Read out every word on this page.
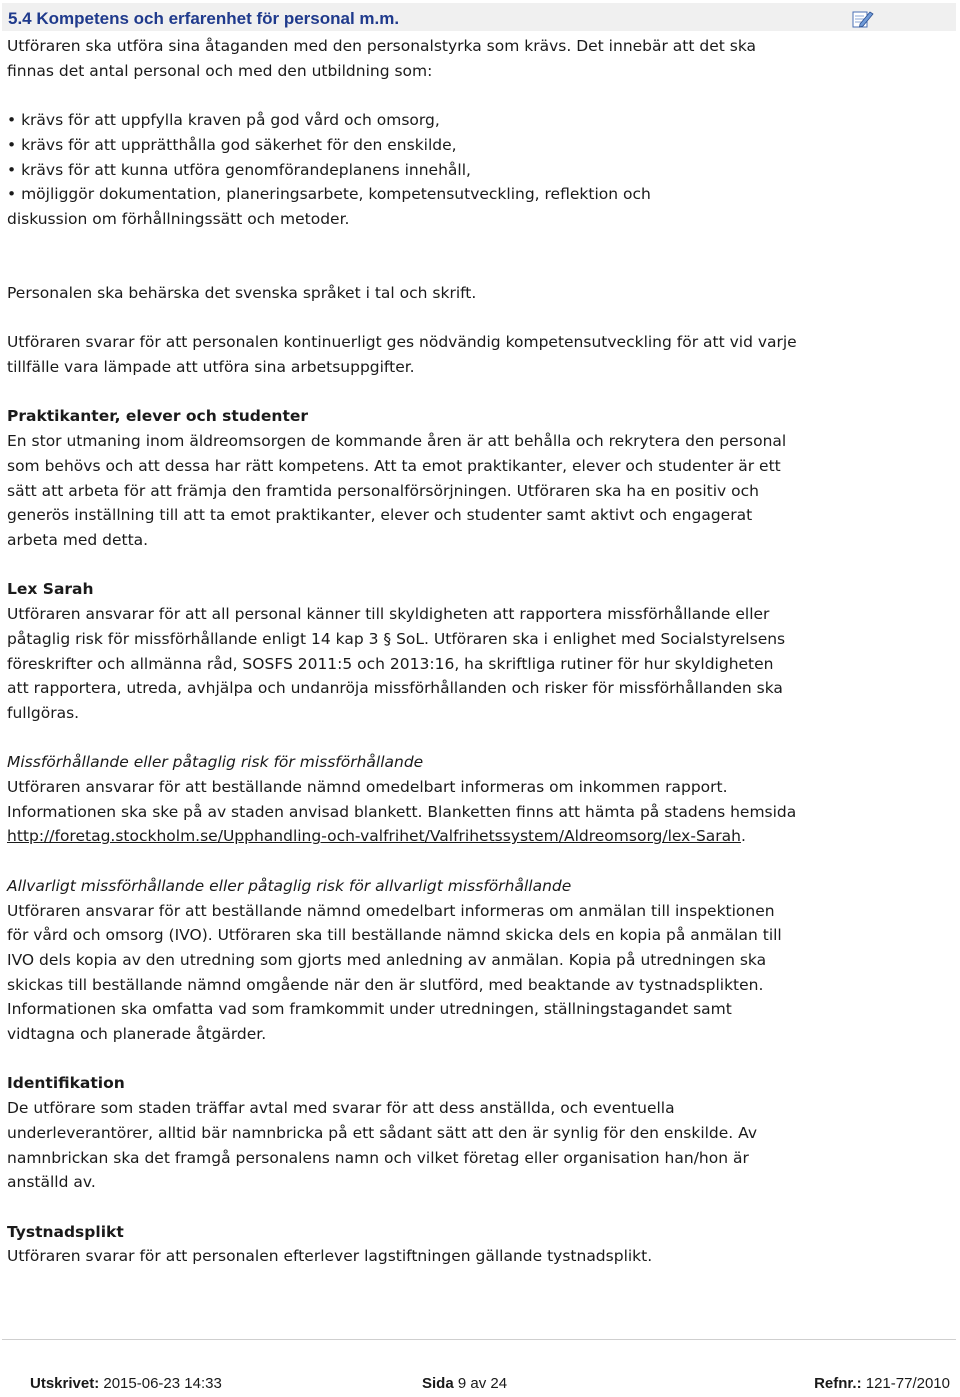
5.4 Kompetens och erfarenhet för personal m.m.

Utföraren ska utföra sina åtaganden med den personalstyrka som krävs. Det innebär att det ska finnas det antal personal och med den utbildning som:

• krävs för att uppfylla kraven på god vård och omsorg,
• krävs för att upprätthålla god säkerhet för den enskilde,
• krävs för att kunna utföra genomförandeplanens innehåll,
• möjliggör dokumentation, planeringsarbete, kompetensutveckling, reflektion och

diskussion om förhållningssätt och metoder.

Personalen ska behärska det svenska språket i tal och skrift.

Utföraren svarar för att personalen kontinuerligt ges nödvändig kompetensutveckling för att vid varje tillfälle vara lämpade att utföra sina arbetsuppgifter.

Praktikanter, elever och studenter

En stor utmaning inom äldreomsorgen de kommande åren är att behålla och rekrytera den personal som behövs och att dessa har rätt kompetens. Att ta emot praktikanter, elever och studenter är ett sätt att arbeta för att främja den framtida personalförsörjningen. Utföraren ska ha en positiv och generös inställning till att ta emot praktikanter, elever och studenter samt aktivt och engagerat arbeta med detta.

Lex Sarah

Utföraren ansvarar för att all personal känner till skyldigheten att rapportera missförhållande eller påtaglig risk för missförhållande enligt 14 kap 3 § SoL. Utföraren ska i enlighet med Socialstyrelsens föreskrifter och allmänna råd, SOSFS 2011:5 och 2013:16, ha skriftliga rutiner för hur skyldigheten att rapportera, utreda, avhjälpa och undanröja missförhållanden och risker för missförhållanden ska fullgöras.

Missförhållande eller påtaglig risk för missförhållande

Utföraren ansvarar för att beställande nämnd omedelbart informeras om inkommen rapport. Informationen ska ske på av staden anvisad blankett. Blanketten finns att hämta på stadens hemsida

http://foretag.stockholm.se/Upphandling-och-valfrihet/Valfrihetssystem/Aldreomsorg/lex-Sarah.

Allvarligt missförhållande eller påtaglig risk för allvarligt missförhållande

Utföraren ansvarar för att beställande nämnd omedelbart informeras om anmälan till inspektionen för vård och omsorg (IVO). Utföraren ska till beställande nämnd skicka dels en kopia på anmälan till IVO dels kopia av den utredning som gjorts med anledning av anmälan. Kopia på utredningen ska skickas till beställande nämnd omgående när den är slutförd, med beaktande av tystnadsplikten. Informationen ska omfatta vad som framkommit under utredningen, ställningstagandet samt vidtagna och planerade åtgärder.

Identifikation

De utförare som staden träffar avtal med svarar för att dess anställda, och eventuella underleverantörer, alltid bär namnbricka på ett sådant sätt att den är synlig för den enskilde. Av namnbrickan ska det framgå personalens namn och vilket företag eller organisation han/hon är anställd av.

Tystnadsplikt

Utföraren svarar för att personalen efterlever lagstiftningen gällande tystnadsplikt.

Utskrivet: 2015-06-23 14:33	Sida 9 av 24	Refnr.: 121-77/2010
